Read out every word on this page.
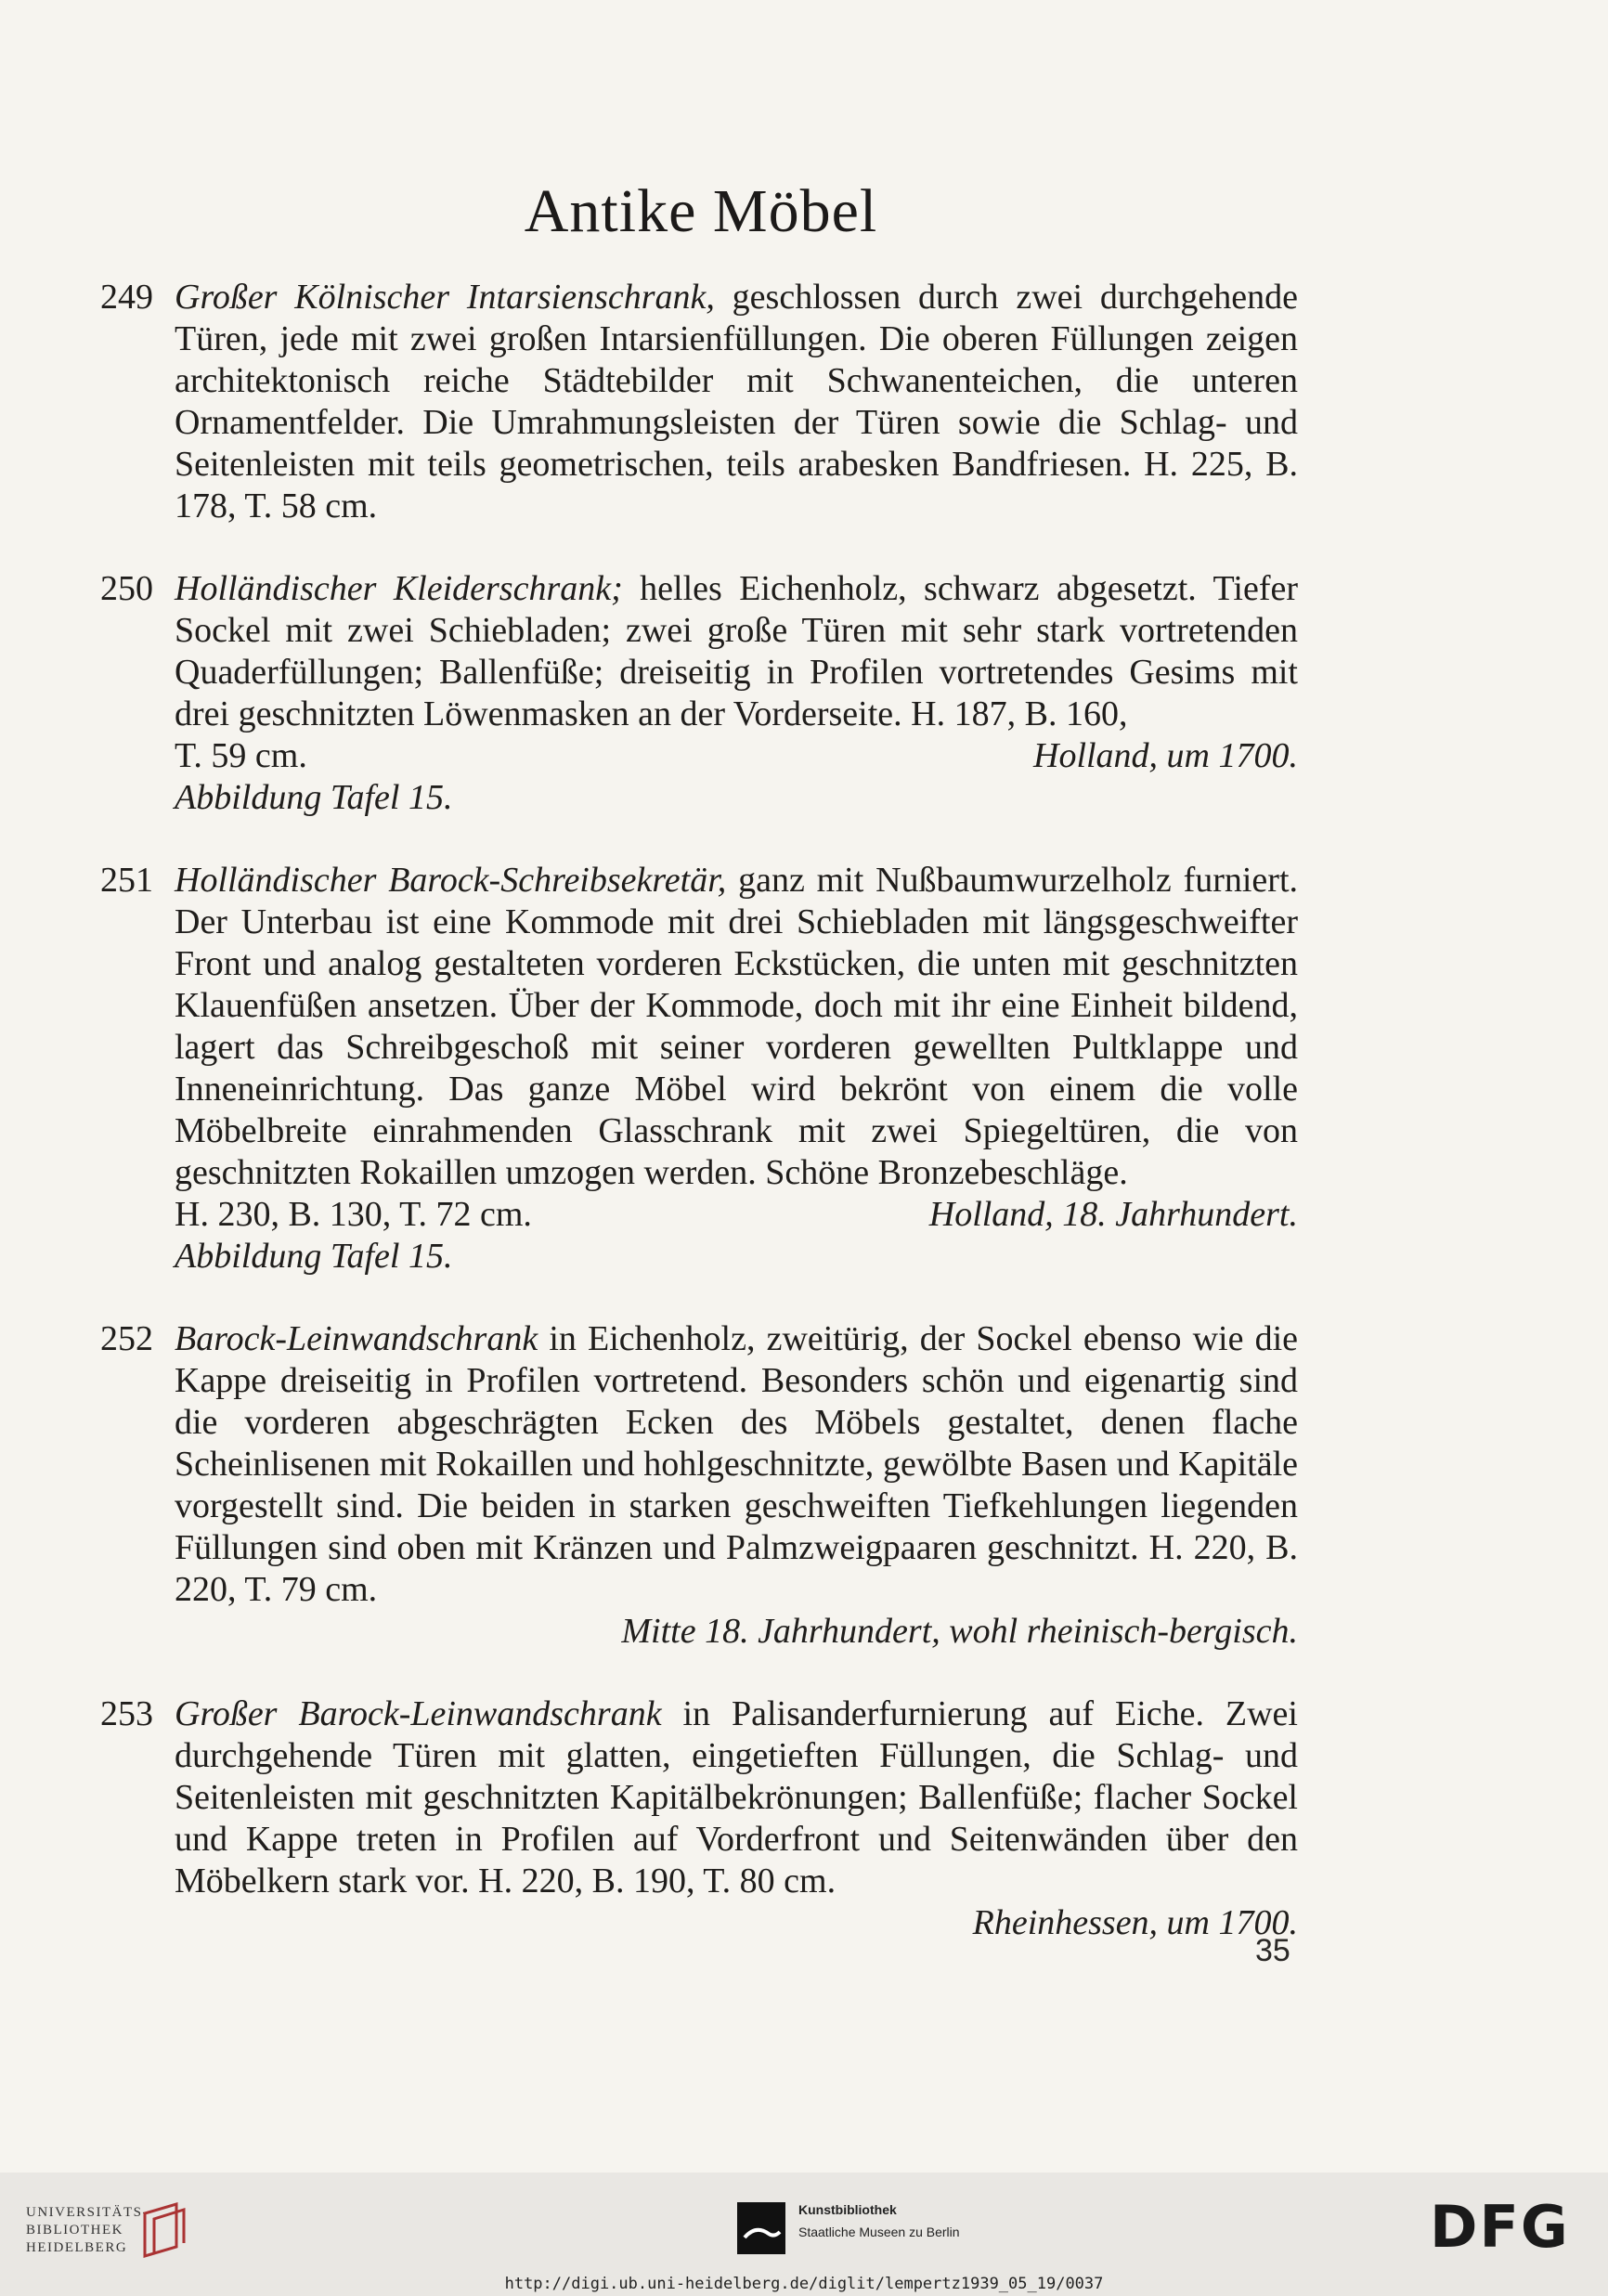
Antike Möbel
249 Großer Kölnischer Intarsienschrank, geschlossen durch zwei durchgehende Türen, jede mit zwei großen Intarsienfüllungen. Die oberen Füllungen zeigen architektonisch reiche Städtebilder mit Schwanenteichen, die unteren Ornamentfelder. Die Umrahmungsleisten der Türen sowie die Schlag- und Seitenleisten mit teils geometrischen, teils arabesken Bandfriesen. H. 225, B. 178, T. 58 cm.
250 Holländischer Kleiderschrank; helles Eichenholz, schwarz abgesetzt. Tiefer Sockel mit zwei Schiebladen; zwei große Türen mit sehr stark vortretenden Quaderfüllungen; Ballenfüße; dreiseitig in Profilen vortretendes Gesims mit drei geschnitzten Löwenmasken an der Vorderseite. H. 187, B. 160,
T. 59 cm.	Holland, um 1700.
Abbildung Tafel 15.
251 Holländischer Barock-Schreibsekretär, ganz mit Nußbaumwurzelholz furniert. Der Unterbau ist eine Kommode mit drei Schiebladen mit längsgeschweifter Front und analog gestalteten vorderen Eckstücken, die unten mit geschnitzten Klauenfüßen ansetzen. Über der Kommode, doch mit ihr eine Einheit bildend, lagert das Schreibgeschoß mit seiner vorderen gewellten Pultklappe und Inneneinrichtung. Das ganze Möbel wird bekrönt von einem die volle Möbelbreite einrahmenden Glasschrank mit zwei Spiegeltüren, die von geschnitzten Rokaillen umzogen werden. Schöne Bronzebeschläge.
H. 230, B. 130, T. 72 cm.	Holland, 18. Jahrhundert.
Abbildung Tafel 15.
252 Barock-Leinwandschrank in Eichenholz, zweitürig, der Sockel ebenso wie die Kappe dreiseitig in Profilen vortretend. Besonders schön und eigenartig sind die vorderen abgeschrägten Ecken des Möbels gestaltet, denen flache Scheinlisenen mit Rokaillen und hohlgeschnitzte, gewölbte Basen und Kapitäle vorgestellt sind. Die beiden in starken geschweiften Tiefkehlungen liegenden Füllungen sind oben mit Kränzen und Palmzweigpaaren geschnitzt. H. 220, B. 220, T. 79 cm.
Mitte 18. Jahrhundert, wohl rheinisch-bergisch.
253 Großer Barock-Leinwandschrank in Palisanderfurnierung auf Eiche. Zwei durchgehende Türen mit glatten, eingetieften Füllungen, die Schlag- und Seitenleisten mit geschnitzten Kapitälbekrönungen; Ballenfüße; flacher Sockel und Kappe treten in Profilen auf Vorderfront und Seitenwänden über den Möbelkern stark vor. H. 220, B. 190, T. 80 cm.
Rheinhessen, um 1700.
35
UNIVERSITÄTS-
BIBLIOTHEK
HEIDELBERG
Kunstbibliothek
Staatliche Museen zu Berlin	DFG
http://digi.ub.uni-heidelberg.de/diglit/lempertz1939_05_19/0037
